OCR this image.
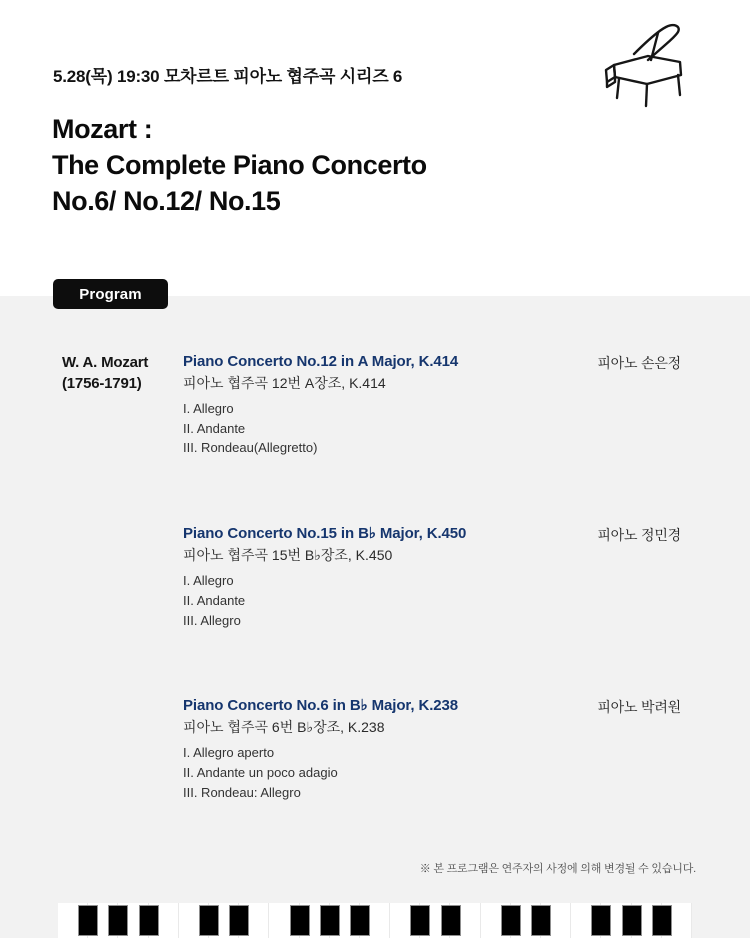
5.28(목) 19:30 모차르트 피아노 협주곡 시리즈 6
Mozart :
The Complete Piano Concerto
No.6/ No.12/ No.15
Program
W. A. Mozart
(1756-1791)
Piano Concerto No.12 in A Major, K.414
피아노 협주곡 12번 A장조, K.414
I. Allegro
II. Andante
III. Rondeau(Allegretto)
피아노 손은정
Piano Concerto No.15 in B♭ Major, K.450
피아노 협주곡 15번 B♭장조, K.450
I. Allegro
II. Andante
III. Allegro
피아노 정민경
Piano Concerto No.6 in B♭ Major, K.238
피아노 협주곡 6번 B♭장조, K.238
I. Allegro aperto
II. Andante un poco adagio
III. Rondeau: Allegro
피아노 박려원
※ 본 프로그램은 연주자의 사정에 의해 변경될 수 있습니다.
